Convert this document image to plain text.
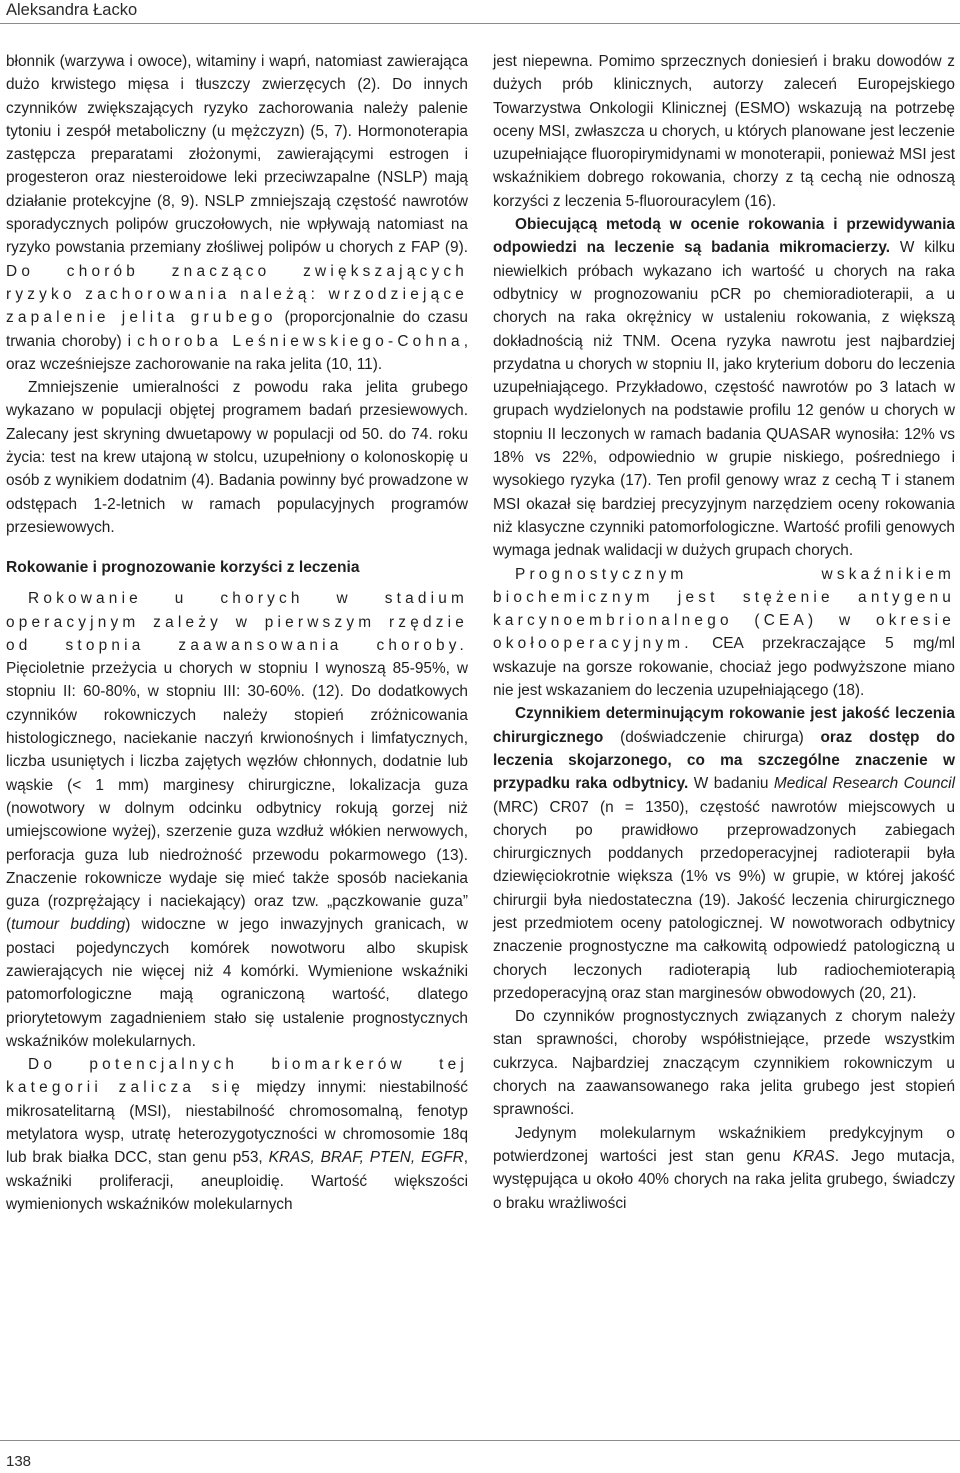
Aleksandra Łacko

błonnik (warzywa i owoce), witaminy i wapń, natomiast zawierająca dużo krwistego mięsa i tłuszczy zwierzęcych (2). Do innych czynników zwiększających ryzyko zachorowania należy palenie tytoniu i zespół metaboliczny (u mężczyzn) (5, 7). Hormonoterapia zastępcza preparatami złożonymi, zawierającymi estrogen i progesteron oraz niesteroidowe leki przeciwzapalne (NSLP) mają działanie protekcyjne (8, 9). NSLP zmniejszają częstość nawrotów sporadycznych polipów gruczołowych, nie wpływają natomiast na ryzyko powstania przemiany złośliwej polipów u chorych z FAP (9). Do chorób znacząco zwiększających ryzyko zachorowania należą: wrzodziejące zapalenie jelita grubego (proporcjonalnie do czasu trwania choroby) i choroba Leśniewskiego-Cohna, oraz wcześniejsze zachorowanie na raka jelita (10, 11).

Zmniejszenie umieralności z powodu raka jelita grubego wykazano w populacji objętej programem badań przesiewowych. Zalecany jest skryning dwuetapowy w populacji od 50. do 74. roku życia: test na krew utajoną w stolcu, uzupełniony o kolonoskopię u osób z wynikiem dodatnim (4). Badania powinny być prowadzone w odstępach 1-2-letnich w ramach populacyjnych programów przesiewowych.

Rokowanie i prognozowanie korzyści z leczenia

Rokowanie u chorych w stadium operacyjnym zależy w pierwszym rzędzie od stopnia zaawansowania choroby. Pięcioletnie przeżycia u chorych w stopniu I wynoszą 85-95%, w stopniu II: 60-80%, w stopniu III: 30-60%. (12). Do dodatkowych czynników rokowniczych należy stopień zróżnicowania histologicznego, naciekanie naczyń krwionośnych i limfatycznych, liczba usuniętych i liczba zajętych węzłów chłonnych, dodatnie lub wąskie (< 1 mm) marginesy chirurgiczne, lokalizacja guza (nowotwory w dolnym odcinku odbytnicy rokują gorzej niż umiejscowione wyżej), szerzenie guza wzdłuż włókien nerwowych, perforacja guza lub niedrożność przewodu pokarmowego (13). Znaczenie rokownicze wydaje się mieć także sposób naciekania guza (rozprężający i naciekający) oraz tzw. „pączkowanie guza” (tumour budding) widoczne w jego inwazyjnych granicach, w postaci pojedynczych komórek nowotworu albo skupisk zawierających nie więcej niż 4 komórki. Wymienione wskaźniki patomorfologiczne mają ograniczoną wartość, dlatego priorytetowym zagadnieniem stało się ustalenie prognostycznych wskaźników molekularnych.

Do potencjalnych biomarkerów tej kategorii zalicza się między innymi: niestabilność mikrosatelitarną (MSI), niestabilność chromosomalną, fenotyp metylatora wysp, utratę heterozygotyczności w chromosomie 18q lub brak białka DCC, stan genu p53, KRAS, BRAF, PTEN, EGFR, wskaźniki proliferacji, aneuploidię. Wartość większości wymienionych wskaźników molekularnych

jest niepewna. Pomimo sprzecznych doniesień i braku dowodów z dużych prób klinicznych, autorzy zaleceń Europejskiego Towarzystwa Onkologii Klinicznej (ESMO) wskazują na potrzebę oceny MSI, zwłaszcza u chorych, u których planowane jest leczenie uzupełniające fluoropirymidynami w monoterapii, ponieważ MSI jest wskaźnikiem dobrego rokowania, chorzy z tą cechą nie odnoszą korzyści z leczenia 5-fluorouracylem (16).

Obiecującą metodą w ocenie rokowania i przewidywania odpowiedzi na leczenie są badania mikromacierzy. W kilku niewielkich próbach wykazano ich wartość u chorych na raka odbytnicy w prognozowaniu pCR po chemioradioterapii, a u chorych na raka okrężnicy w ustaleniu rokowania, z większą dokładnością niż TNM. Ocena ryzyka nawrotu jest najbardziej przydatna u chorych w stopniu II, jako kryterium doboru do leczenia uzupełniającego. Przykładowo, częstość nawrotów po 3 latach w grupach wydzielonych na podstawie profilu 12 genów u chorych w stopniu II leczonych w ramach badania QUASAR wynosiła: 12% vs 18% vs 22%, odpowiednio w grupie niskiego, pośredniego i wysokiego ryzyka (17). Ten profil genowy wraz z cechą T i stanem MSI okazał się bardziej precyzyjnym narzędziem oceny rokowania niż klasyczne czynniki patomorfologiczne. Wartość profili genowych wymaga jednak walidacji w dużych grupach chorych.

Prognostycznym wskaźnikiem biochemicznym jest stężenie antygenu karcynoembrionalnego (CEA) w okresie okołooperacyjnym. CEA przekraczające 5 mg/ml wskazuje na gorsze rokowanie, chociaż jego podwyższone miano nie jest wskazaniem do leczenia uzupełniającego (18).

Czynnikiem determinującym rokowanie jest jakość leczenia chirurgicznego (doświadczenie chirurga) oraz dostęp do leczenia skojarzonego, co ma szczególne znaczenie w przypadku raka odbytnicy. W badaniu Medical Research Council (MRC) CR07 (n = 1350), częstość nawrotów miejscowych u chorych po prawidłowo przeprowadzonych zabiegach chirurgicznych poddanych przedoperacyjnej radioterapii była dziewięciokrotnie większa (1% vs 9%) w grupie, w której jakość chirurgii była niedostateczna (19). Jakość leczenia chirurgicznego jest przedmiotem oceny patologicznej. W nowotworach odbytnicy znaczenie prognostyczne ma całkowitą odpowiedź patologiczną u chorych leczonych radioterapią lub radiochemioterapią przedoperacyjną oraz stan marginesów obwodowych (20, 21).

Do czynników prognostycznych związanych z chorym należy stan sprawności, choroby współistniejące, przede wszystkim cukrzyca. Najbardziej znaczącym czynnikiem rokowniczym u chorych na zaawansowanego raka jelita grubego jest stopień sprawności.

Jedynym molekularnym wskaźnikiem predykcyjnym o potwierdzonej wartości jest stan genu KRAS. Jego mutacja, występująca u około 40% chorych na raka jelita grubego, świadczy o braku wrażliwości

138
